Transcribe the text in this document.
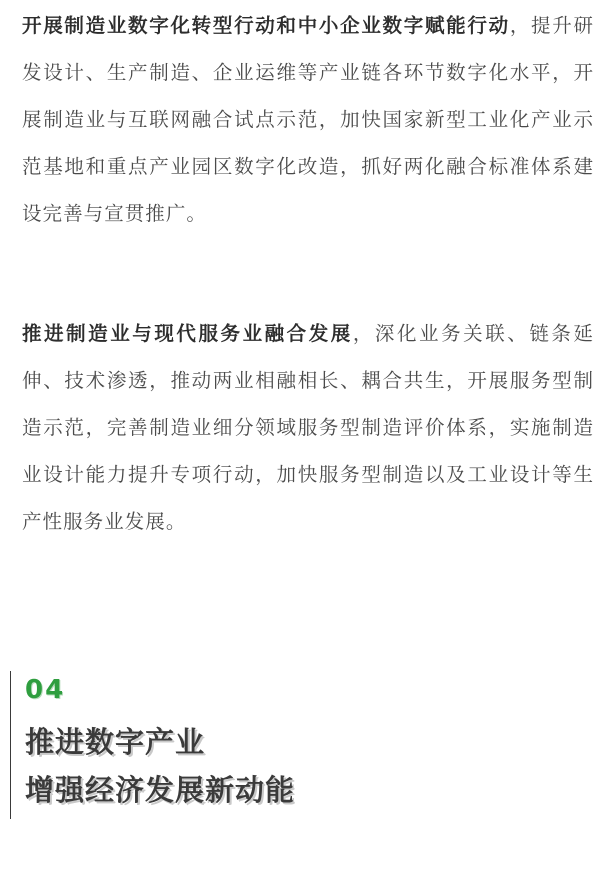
开展制造业数字化转型行动和中小企业数字赋能行动，提升研发设计、生产制造、企业运维等产业链各环节数字化水平，开展制造业与互联网融合试点示范，加快国家新型工业化产业示范基地和重点产业园区数字化改造，抓好两化融合标准体系建设完善与宣贯推广。

推进制造业与现代服务业融合发展，深化业务关联、链条延伸、技术渗透，推动两业相融相长、耦合共生，开展服务型制造示范，完善制造业细分领域服务型制造评价体系，实施制造业设计能力提升专项行动，加快服务型制造以及工业设计等生产性服务业发展。

04
推进数字产业
增强经济发展新动能
